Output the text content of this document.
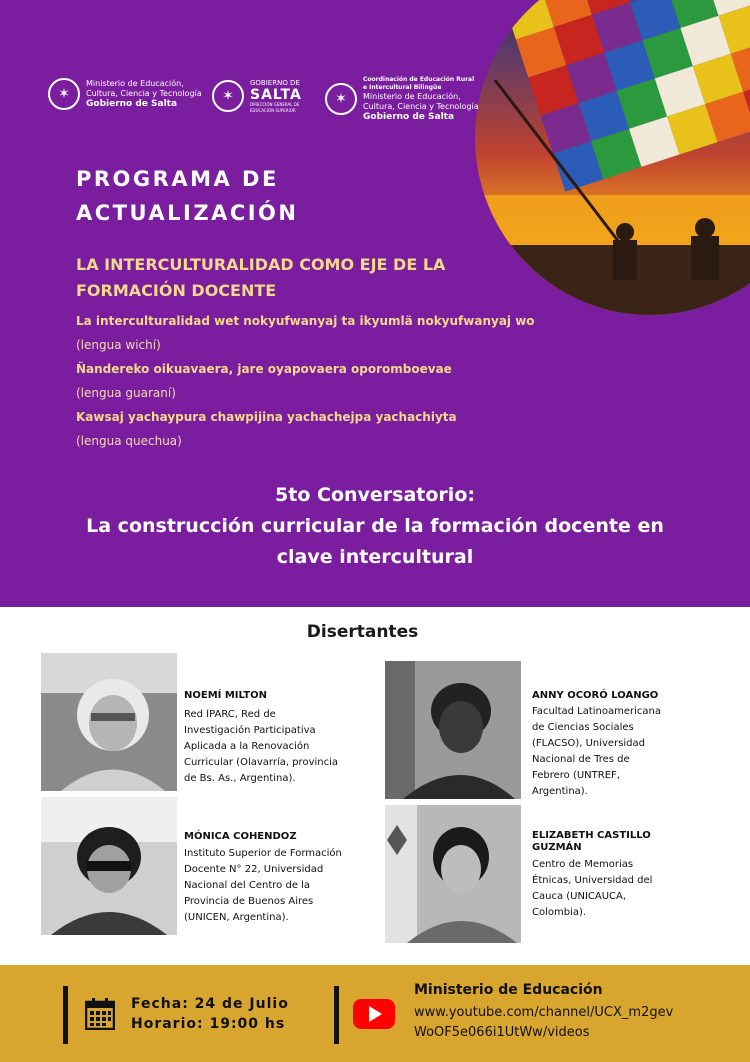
✶
Ministerio de Educación,
Cultura, Ciencia y Tecnología
Gobierno de Salta	✶
GOBIERNO DE
SALTA
DIRECCIÓN GENERAL DE
EDUCACIÓN SUPERIOR
✶
Coordinación de Educación Rural
e Intercultural Bilingüe
Ministerio de Educación,
Cultura, Ciencia y Tecnología
Gobierno de Salta
PROGRAMA DE
ACTUALIZACIÓN
LA INTERCULTURALIDAD COMO EJE DE LA
FORMACIÓN DOCENTE
La interculturalidad wet nokyufwanyaj ta ikyumlä nokyufwanyaj wo
(lengua wichí)
Ñandereko oikuavaera, jare oyapovaera oporomboevae
(lengua guaraní)
Kawsaj yachaypura chawpijina yachachejpa yachachiyta
(lengua quechua)
5to Conversatorio:
La construcción curricular de la formación docente en
clave intercultural
Disertantes
NOEMÍ MILTON
Red IPARC, Red de
Investigación Participativa
Aplicada a la Renovación
Curricular (Olavarría, provincia
de Bs. As., Argentina).
ANNY OCORÓ LOANGO
Facultad Latinoamericana
de Ciencias Sociales
(FLACSO), Universidad
Nacional de Tres de
Febrero (UNTREF,
Argentina).
MÓNICA COHENDOZ
Instituto Superior de Formación
Docente N° 22, Universidad
Nacional del Centro de la
Provincia de Buenos Aires
(UNICEN, Argentina).
ELIZABETH CASTILLO
GUZMÁN
Centro de Memorias
Étnicas, Universidad del
Cauca (UNICAUCA,
Colombia).
Fecha: 24 de Julio
Horario: 19:00 hs
Ministerio de Educación
www.youtube.com/channel/UCX_m2gev
WoOF5e066i1UtWw/videos
